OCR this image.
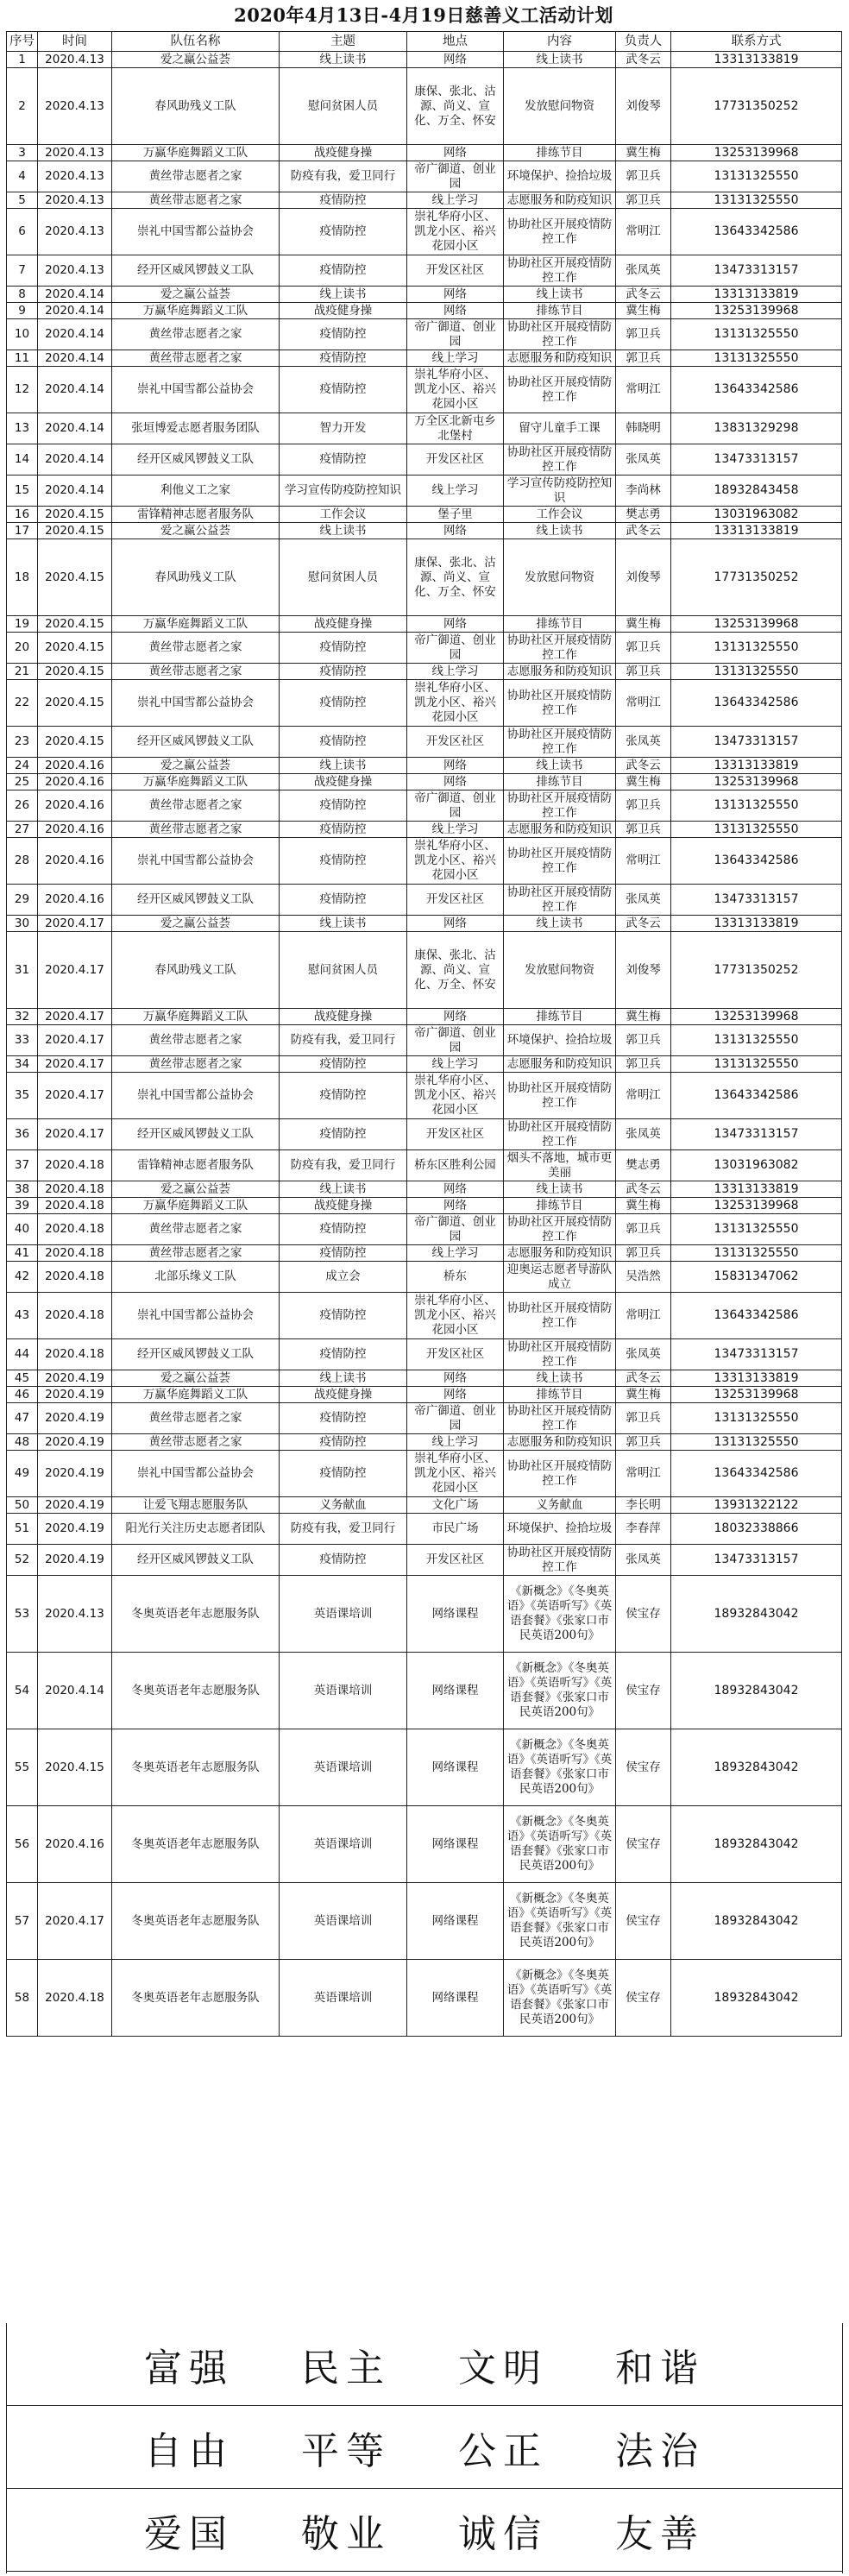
2020年4月13日-4月19日慈善义工活动计划
序号	时间	队伍名称	主题	地点	内容	负责人	联系方式
1	2020.4.13	爱之赢公益荟	线上读书	网络	线上读书	武冬云	13313133819
2	2020.4.13	春风助残义工队	慰问贫困人员	康保、张北、沽源、尚义、宣化、万全、怀安	发放慰问物资	刘俊琴	17731350252
3	2020.4.13	万赢华庭舞蹈义工队	战疫健身操	网络	排练节目	冀生梅	13253139968
4	2020.4.13	黄丝带志愿者之家	防疫有我，爱卫同行	帝广御道、创业园	环境保护、捡拾垃圾	郭卫兵	13131325550
5	2020.4.13	黄丝带志愿者之家	疫情防控	线上学习	志愿服务和防疫知识	郭卫兵	13131325550
6	2020.4.13	崇礼中国雪都公益协会	疫情防控	崇礼华府小区、凯龙小区、裕兴花园小区	协助社区开展疫情防控工作	常明江	13643342586
7	2020.4.13	经开区威风锣鼓义工队	疫情防控	开发区社区	协助社区开展疫情防控工作	张凤英	13473313157
8	2020.4.14	爱之赢公益荟	线上读书	网络	线上读书	武冬云	13313133819
9	2020.4.14	万赢华庭舞蹈义工队	战疫健身操	网络	排练节目	冀生梅	13253139968
10	2020.4.14	黄丝带志愿者之家	疫情防控	帝广御道、创业园	协助社区开展疫情防控工作	郭卫兵	13131325550
11	2020.4.14	黄丝带志愿者之家	疫情防控	线上学习	志愿服务和防疫知识	郭卫兵	13131325550
12	2020.4.14	崇礼中国雪都公益协会	疫情防控	崇礼华府小区、凯龙小区、裕兴花园小区	协助社区开展疫情防控工作	常明江	13643342586
13	2020.4.14	张垣博爱志愿者服务团队	智力开发	万全区北新屯乡北堡村	留守儿童手工课	韩晓明	13831329298
14	2020.4.14	经开区威风锣鼓义工队	疫情防控	开发区社区	协助社区开展疫情防控工作	张凤英	13473313157
15	2020.4.14	利他义工之家	学习宣传防疫防控知识	线上学习	学习宣传防疫防控知识	李尚林	18932843458
16	2020.4.15	雷锋精神志愿者服务队	工作会议	堡子里	工作会议	樊志勇	13031963082
17	2020.4.15	爱之赢公益荟	线上读书	网络	线上读书	武冬云	13313133819
18	2020.4.15	春风助残义工队	慰问贫困人员	康保、张北、沽源、尚义、宣化、万全、怀安	发放慰问物资	刘俊琴	17731350252
19	2020.4.15	万赢华庭舞蹈义工队	战疫健身操	网络	排练节目	冀生梅	13253139968
20	2020.4.15	黄丝带志愿者之家	疫情防控	帝广御道、创业园	协助社区开展疫情防控工作	郭卫兵	13131325550
21	2020.4.15	黄丝带志愿者之家	疫情防控	线上学习	志愿服务和防疫知识	郭卫兵	13131325550
22	2020.4.15	崇礼中国雪都公益协会	疫情防控	崇礼华府小区、凯龙小区、裕兴花园小区	协助社区开展疫情防控工作	常明江	13643342586
23	2020.4.15	经开区威风锣鼓义工队	疫情防控	开发区社区	协助社区开展疫情防控工作	张凤英	13473313157
24	2020.4.16	爱之赢公益荟	线上读书	网络	线上读书	武冬云	13313133819
25	2020.4.16	万赢华庭舞蹈义工队	战疫健身操	网络	排练节目	冀生梅	13253139968
26	2020.4.16	黄丝带志愿者之家	疫情防控	帝广御道、创业园	协助社区开展疫情防控工作	郭卫兵	13131325550
27	2020.4.16	黄丝带志愿者之家	疫情防控	线上学习	志愿服务和防疫知识	郭卫兵	13131325550
28	2020.4.16	崇礼中国雪都公益协会	疫情防控	崇礼华府小区、凯龙小区、裕兴花园小区	协助社区开展疫情防控工作	常明江	13643342586
29	2020.4.16	经开区威风锣鼓义工队	疫情防控	开发区社区	协助社区开展疫情防控工作	张凤英	13473313157
30	2020.4.17	爱之赢公益荟	线上读书	网络	线上读书	武冬云	13313133819
31	2020.4.17	春风助残义工队	慰问贫困人员	康保、张北、沽源、尚义、宣化、万全、怀安	发放慰问物资	刘俊琴	17731350252
32	2020.4.17	万赢华庭舞蹈义工队	战疫健身操	网络	排练节目	冀生梅	13253139968
33	2020.4.17	黄丝带志愿者之家	防疫有我，爱卫同行	帝广御道、创业园	环境保护、捡拾垃圾	郭卫兵	13131325550
34	2020.4.17	黄丝带志愿者之家	疫情防控	线上学习	志愿服务和防疫知识	郭卫兵	13131325550
35	2020.4.17	崇礼中国雪都公益协会	疫情防控	崇礼华府小区、凯龙小区、裕兴花园小区	协助社区开展疫情防控工作	常明江	13643342586
36	2020.4.17	经开区威风锣鼓义工队	疫情防控	开发区社区	协助社区开展疫情防控工作	张凤英	13473313157
37	2020.4.18	雷锋精神志愿者服务队	防疫有我，爱卫同行	桥东区胜利公园	烟头不落地，城市更美丽	樊志勇	13031963082
38	2020.4.18	爱之赢公益荟	线上读书	网络	线上读书	武冬云	13313133819
39	2020.4.18	万赢华庭舞蹈义工队	战疫健身操	网络	排练节目	冀生梅	13253139968
40	2020.4.18	黄丝带志愿者之家	疫情防控	帝广御道、创业园	协助社区开展疫情防控工作	郭卫兵	13131325550
41	2020.4.18	黄丝带志愿者之家	疫情防控	线上学习	志愿服务和防疫知识	郭卫兵	13131325550
42	2020.4.18	北部乐缘义工队	成立会	桥东	迎奥运志愿者导游队成立	吴浩然	15831347062
43	2020.4.18	崇礼中国雪都公益协会	疫情防控	崇礼华府小区、凯龙小区、裕兴花园小区	协助社区开展疫情防控工作	常明江	13643342586
44	2020.4.18	经开区威风锣鼓义工队	疫情防控	开发区社区	协助社区开展疫情防控工作	张凤英	13473313157
45	2020.4.19	爱之赢公益荟	线上读书	网络	线上读书	武冬云	13313133819
46	2020.4.19	万赢华庭舞蹈义工队	战疫健身操	网络	排练节目	冀生梅	13253139968
47	2020.4.19	黄丝带志愿者之家	疫情防控	帝广御道、创业园	协助社区开展疫情防控工作	郭卫兵	13131325550
48	2020.4.19	黄丝带志愿者之家	疫情防控	线上学习	志愿服务和防疫知识	郭卫兵	13131325550
49	2020.4.19	崇礼中国雪都公益协会	疫情防控	崇礼华府小区、凯龙小区、裕兴花园小区	协助社区开展疫情防控工作	常明江	13643342586
50	2020.4.19	让爱飞翔志愿服务队	义务献血	文化广场	义务献血	李长明	13931322122
51	2020.4.19	阳光行关注历史志愿者团队	防疫有我，爱卫同行	市民广场	环境保护、捡拾垃圾	李春萍	18032338866
52	2020.4.19	经开区威风锣鼓义工队	疫情防控	开发区社区	协助社区开展疫情防控工作	张凤英	13473313157
53	2020.4.13	冬奥英语老年志愿服务队	英语课培训	网络课程	《新概念》《冬奥英语》《英语听写》《英语套餐》《张家口市民英语200句》	侯宝存	18932843042
54	2020.4.14	冬奥英语老年志愿服务队	英语课培训	网络课程	《新概念》《冬奥英语》《英语听写》《英语套餐》《张家口市民英语200句》	侯宝存	18932843042
55	2020.4.15	冬奥英语老年志愿服务队	英语课培训	网络课程	《新概念》《冬奥英语》《英语听写》《英语套餐》《张家口市民英语200句》	侯宝存	18932843042
56	2020.4.16	冬奥英语老年志愿服务队	英语课培训	网络课程	《新概念》《冬奥英语》《英语听写》《英语套餐》《张家口市民英语200句》	侯宝存	18932843042
57	2020.4.17	冬奥英语老年志愿服务队	英语课培训	网络课程	《新概念》《冬奥英语》《英语听写》《英语套餐》《张家口市民英语200句》	侯宝存	18932843042
58	2020.4.18	冬奥英语老年志愿服务队	英语课培训	网络课程	《新概念》《冬奥英语》《英语听写》《英语套餐》《张家口市民英语200句》	侯宝存	18932843042
富强 民主 文明 和谐
自由 平等 公正 法治
爱国 敬业 诚信 友善
